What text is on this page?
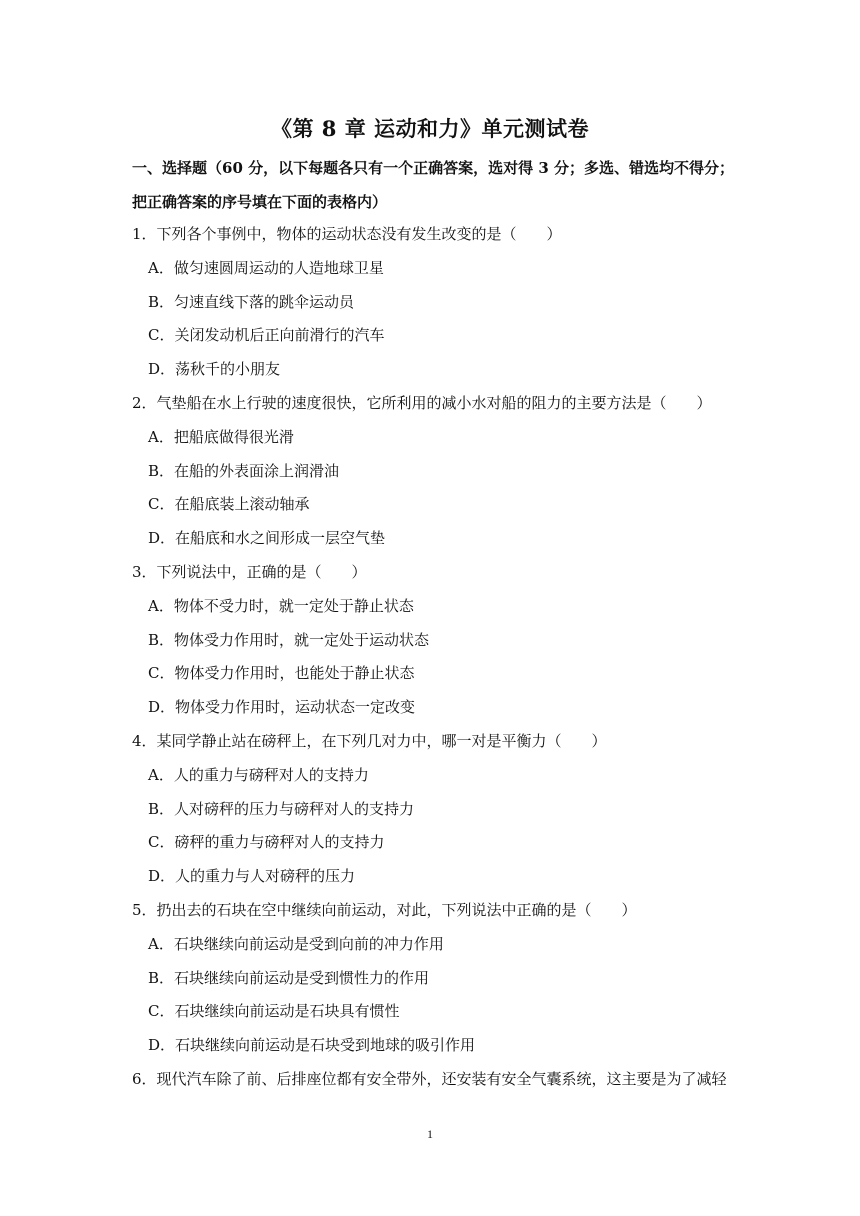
《第 8 章 运动和力》单元测试卷
一、选择题（60 分，以下每题各只有一个正确答案，选对得 3 分；多选、错选均不得分；
把正确答案的序号填在下面的表格内）
1．下列各个事例中，物体的运动状态没有发生改变的是（　　）
A．做匀速圆周运动的人造地球卫星
B．匀速直线下落的跳伞运动员
C．关闭发动机后正向前滑行的汽车
D．荡秋千的小朋友
2．气垫船在水上行驶的速度很快，它所利用的减小水对船的阻力的主要方法是（　　）
A．把船底做得很光滑
B．在船的外表面涂上润滑油
C．在船底装上滚动轴承
D．在船底和水之间形成一层空气垫
3．下列说法中，正确的是（　　）
A．物体不受力时，就一定处于静止状态
B．物体受力作用时，就一定处于运动状态
C．物体受力作用时，也能处于静止状态
D．物体受力作用时，运动状态一定改变
4．某同学静止站在磅秤上，在下列几对力中，哪一对是平衡力（　　）
A．人的重力与磅秤对人的支持力
B．人对磅秤的压力与磅秤对人的支持力
C．磅秤的重力与磅秤对人的支持力
D．人的重力与人对磅秤的压力
5．扔出去的石块在空中继续向前运动，对此，下列说法中正确的是（　　）
A．石块继续向前运动是受到向前的冲力作用
B．石块继续向前运动是受到惯性力的作用
C．石块继续向前运动是石块具有惯性
D．石块继续向前运动是石块受到地球的吸引作用
6．现代汽车除了前、后排座位都有安全带外，还安装有安全气囊系统，这主要是为了减轻
1
